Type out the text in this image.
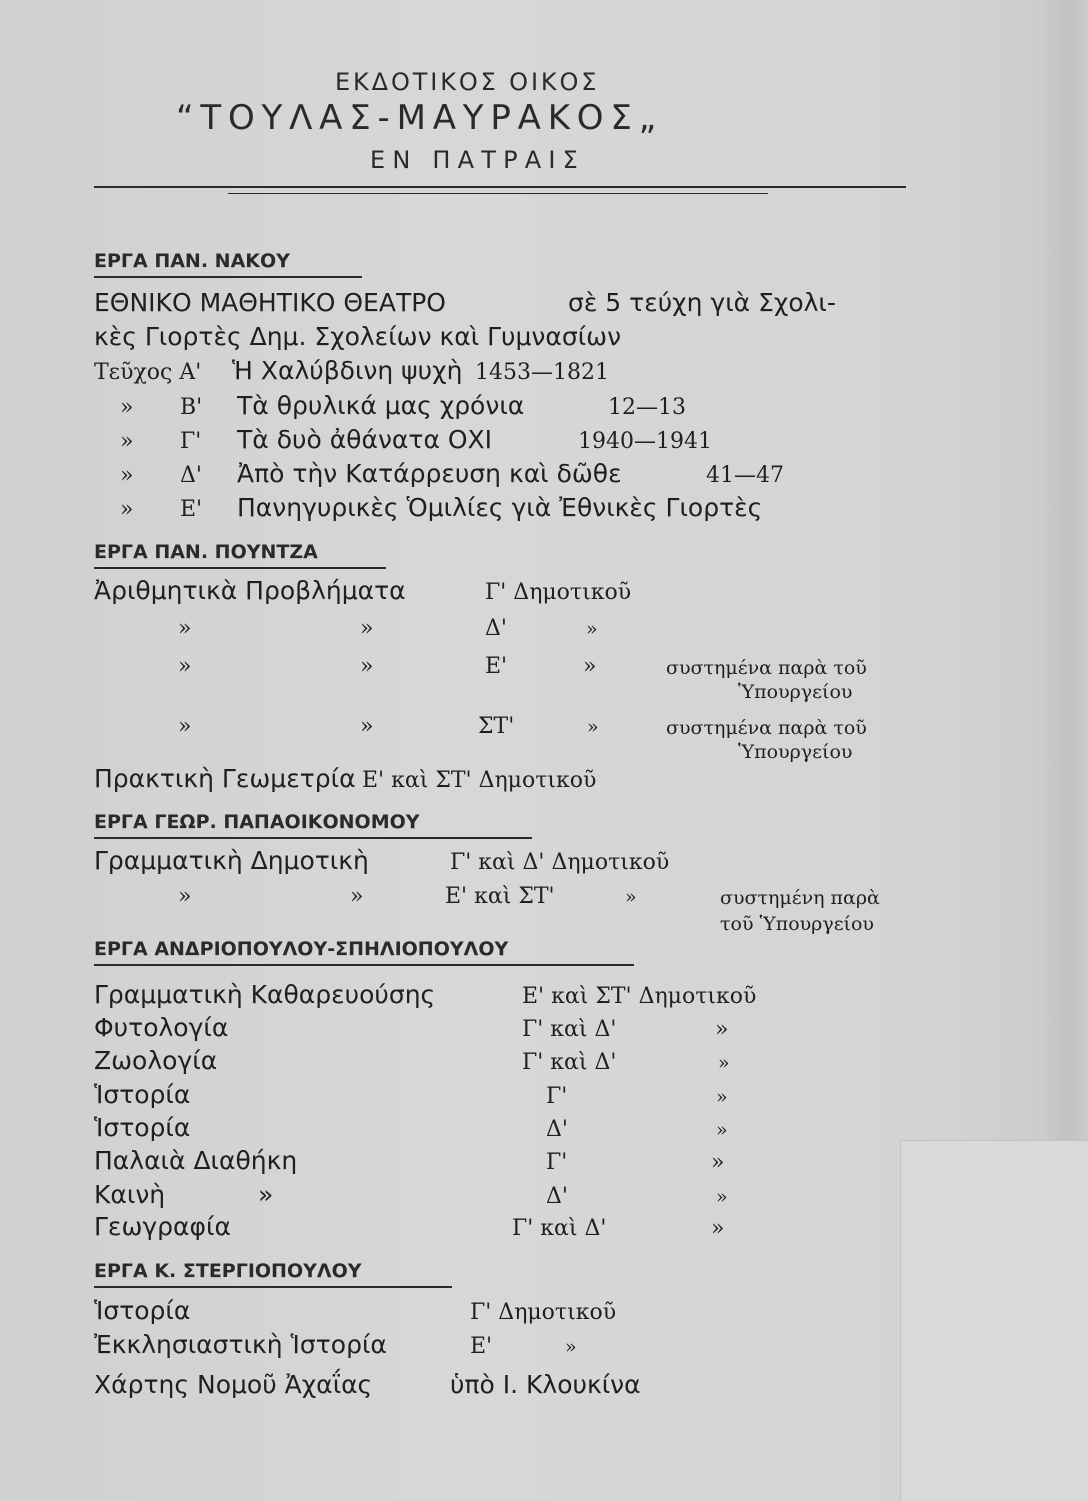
ΕΚΔΟΤΙΚΟΣ ΟΙΚΟΣ
“ΤΟΥΛΑΣ-ΜΑΥΡΑΚΟΣ„
ΕΝ ΠΑΤΡΑΙΣ
ΕΡΓΑ ΠΑΝ. ΝΑΚΟΥ
ΕΘΝΙΚΟ ΜΑΘΗΤΙΚΟ ΘΕΑΤΡΟ	σὲ 5 τεύχη γιὰ Σχολι-
κὲς Γιορτὲς Δημ. Σχολείων καὶ Γυμνασίων
Τεῦχος Α' Ἡ Χαλύβδινη ψυχὴ 1453—1821
» Β' Τὰ θρυλικά μας χρόνια	12—13
» Γ' Τὰ δυὸ ἀθάνατα ΟΧΙ	1940—1941
» Δ' Ἀπὸ τὴν Κατάρρευση καὶ δῶθε	41—47
» Ε' Πανηγυρικὲς Ὁμιλίες γιὰ Ἐθνικὲς Γιορτὲς
ΕΡΓΑ ΠΑΝ. ΠΟΥΝΤΖΑ
Ἀριθμητικὰ Προβλήματα	Γ' Δημοτικοῦ
»	»	Δ'	»
»	»	Ε'	»	συστημένα παρὰ τοῦ
Ὑπουργείου
»	»	ΣΤ'	»	συστημένα παρὰ τοῦ
Ὑπουργείου
Πρακτικὴ Γεωμετρία Ε' καὶ ΣΤ' Δημοτικοῦ
ΕΡΓΑ ΓΕΩΡ. ΠΑΠΑΟΙΚΟΝΟΜΟΥ
Γραμματικὴ Δημοτικὴ	Γ' καὶ Δ' Δημοτικοῦ
»	»	Ε' καὶ ΣΤ'	»	συστημένη παρὰ
τοῦ Ὑπουργείου
ΕΡΓΑ ΑΝΔΡΙΟΠΟΥΛΟΥ-ΣΠΗΛΙΟΠΟΥΛΟΥ
Γραμματικὴ Καθαρευούσης	Ε' καὶ ΣΤ' Δημοτικοῦ
Φυτολογία	Γ' καὶ Δ'	»
Ζωολογία	Γ' καὶ Δ'	»
Ἱστορία	Γ'	»
Ἱστορία	Δ'	»
Παλαιὰ Διαθήκη	Γ'	»
Καινὴ	»	Δ'	»
Γεωγραφία	Γ' καὶ Δ'	»
ΕΡΓΑ Κ. ΣΤΕΡΓΙΟΠΟΥΛΟΥ
Ἱστορία	Γ' Δημοτικοῦ
Ἐκκλησιαστικὴ Ἱστορία	Ε'	»
Χάρτης Νομοῦ Ἀχαΐας	ὑπὸ Ι. Κλουκίνα
